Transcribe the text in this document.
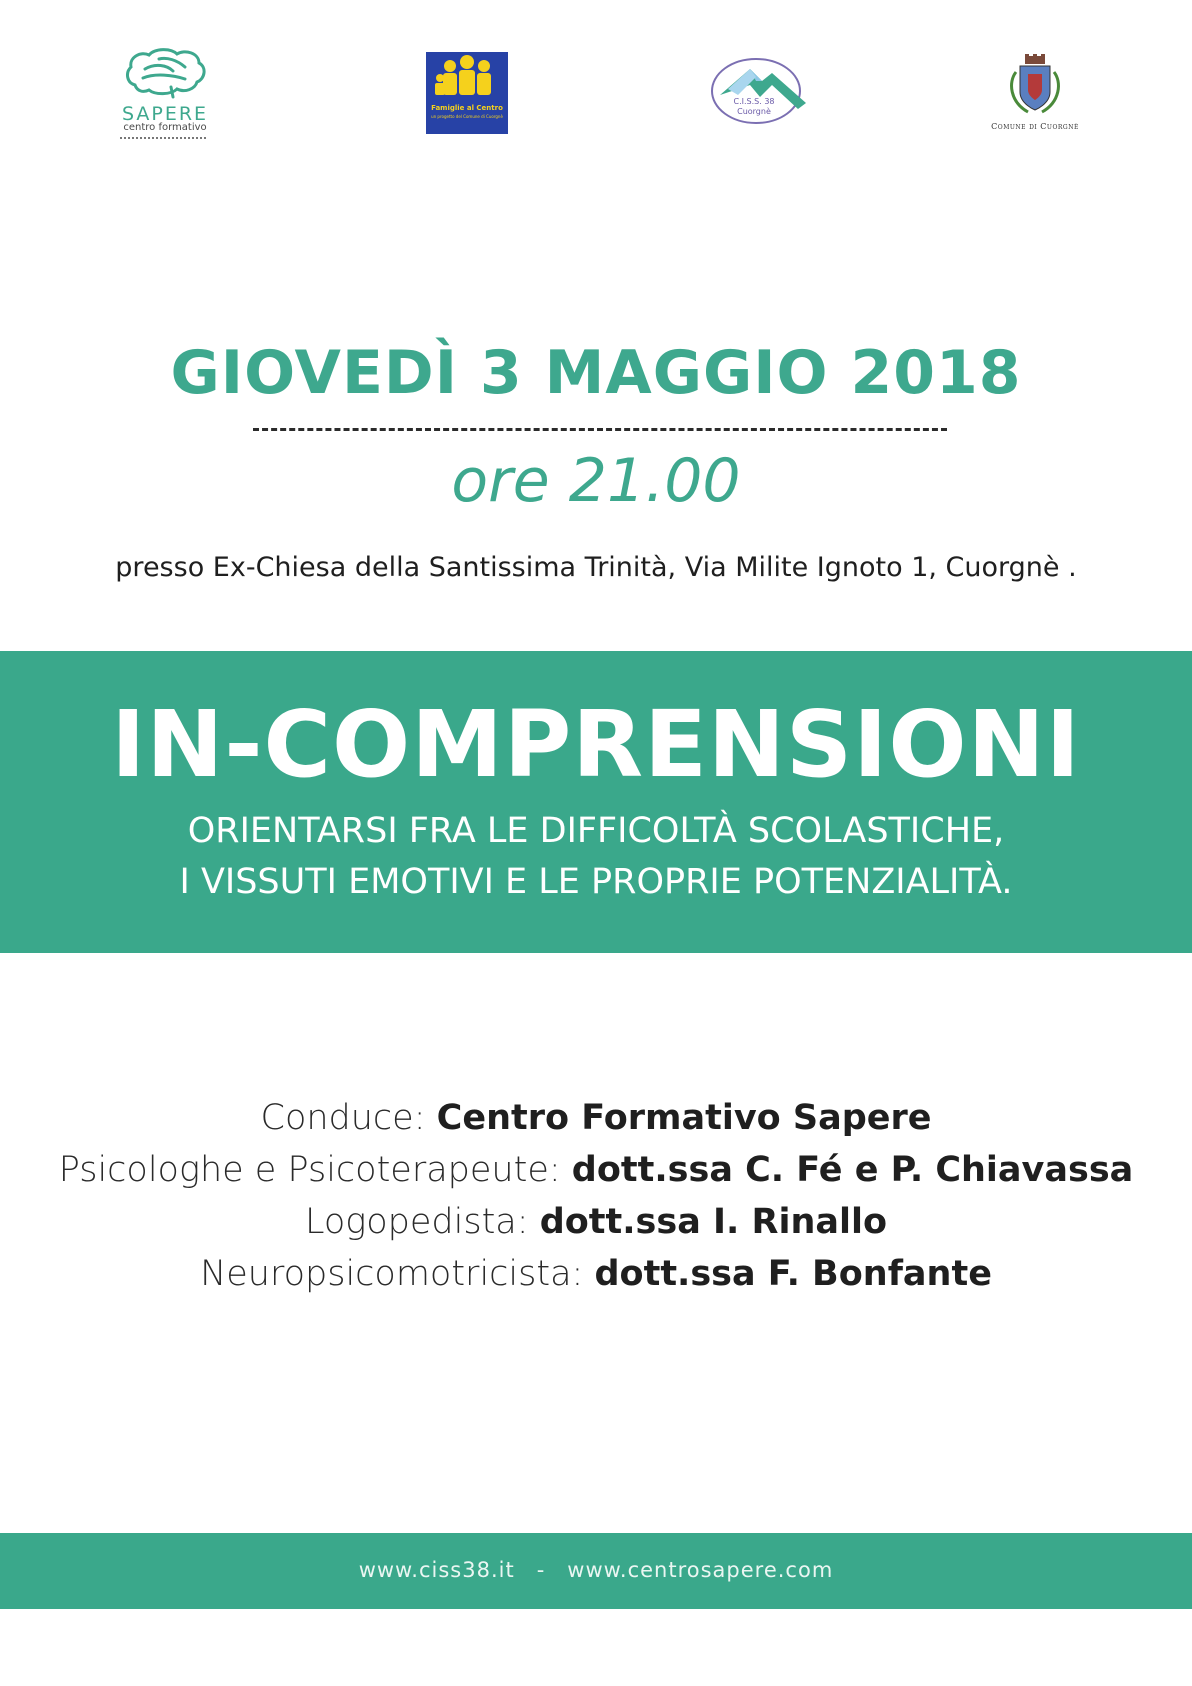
SAPERE
centro formativo
Famiglie al Centro
un progetto del Comune di Cuorgnè
C.I.S.S. 38
Cuorgnè
Comune di Cuorgnè
GIOVEDÌ 3 MAGGIO 2018
ore 21.00
presso Ex-Chiesa della Santissima Trinità, Via Milite Ignoto 1, Cuorgnè .
IN-COMPRENSIONI
ORIENTARSI FRA LE DIFFICOLTÀ SCOLASTICHE,
I VISSUTI EMOTIVI E LE PROPRIE POTENZIALITÀ.
Conduce: Centro Formativo Sapere
Psicologhe e Psicoterapeute: dott.ssa C. Fé e P. Chiavassa
Logopedista: dott.ssa I. Rinallo
Neuropsicomotricista: dott.ssa F. Bonfante
www.ciss38.it - www.centrosapere.com
